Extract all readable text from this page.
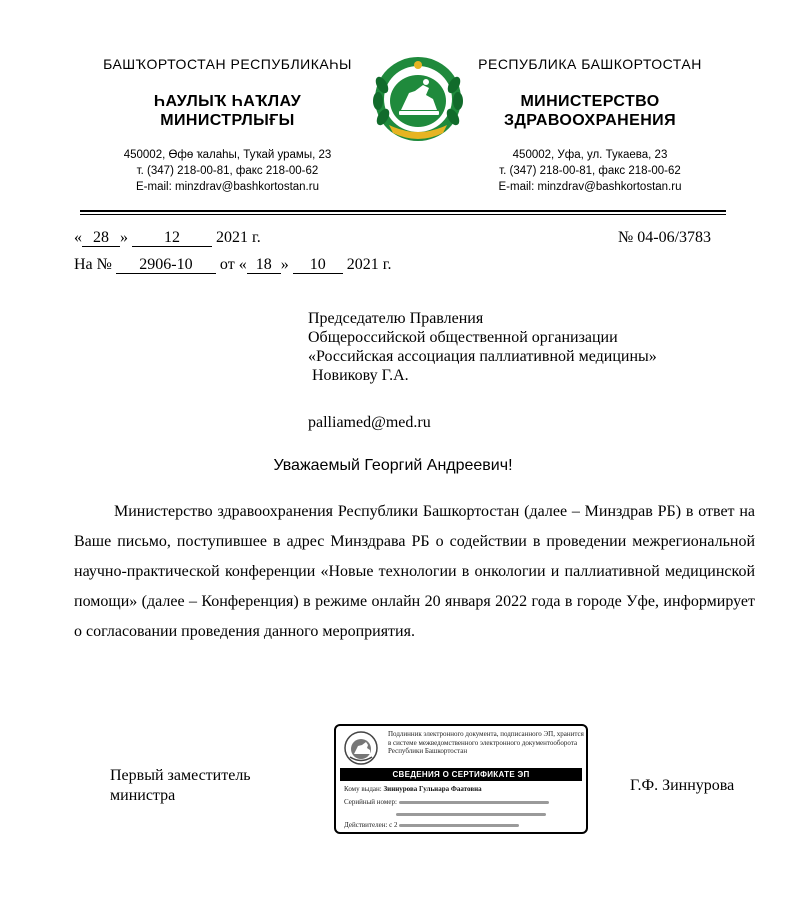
БАШҠОРТОСТАН РЕСПУБЛИКАҺЫ
ҺАУЛЫҠ ҺАҠЛАУ
МИНИСТРЛЫҒЫ
450002, Өфө ҡалаһы, Туҡай урамы, 23
т. (347) 218-00-81, факс 218-00-62
E-mail: minzdrav@bashkortostan.ru
РЕСПУБЛИКА БАШКОРТОСТАН
МИНИСТЕРСТВО
ЗДРАВООХРАНЕНИЯ
450002, Уфа, ул. Тукаева, 23
т. (347) 218-00-81, факс 218-00-62
E-mail: minzdrav@bashkortostan.ru
« 28 » 12 2021 г.	№ 04-06/3783
На № 2906-10 от « 18 » 10 2021 г.
Председателю Правления
Общероссийской общественной организации
«Российская ассоциация паллиативной медицины»
Новикову Г.А.
palliamed@med.ru
Уважаемый Георгий Андреевич!
Министерство здравоохранения Республики Башкортостан (далее – Минздрав РБ) в ответ на Ваше письмо, поступившее в адрес Минздрава РБ о содействии в проведении межрегиональной научно-практической конференции «Новые технологии в онкологии и паллиативной медицинской помощи» (далее – Конференция) в режиме онлайн 20 января 2022 года в городе Уфе, информирует о согласовании проведения данного мероприятия.
Первый заместитель
министра
Г.Ф. Зиннурова
Подлинник электронного документа, подписанного ЭП, хранится в системе межведомственного электронного документооборота Республики Башкортостан
СВЕДЕНИЯ О СЕРТИФИКАТЕ ЭП
Кому выдан: Зиннурова Гульнара Фаатовна
Серийный номер:
Действителен: с 2
